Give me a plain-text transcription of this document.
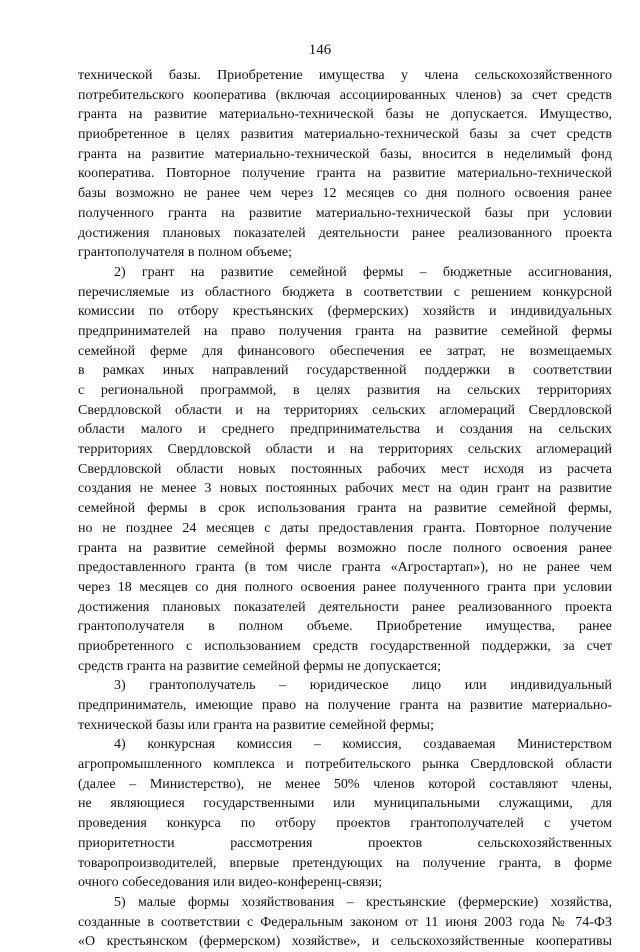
146
технической базы. Приобретение имущества у члена сельскохозяйственного
потребительского кооператива (включая ассоциированных членов) за счет средств
гранта на развитие материально-технической базы не допускается. Имущество,
приобретенное в целях развития материально-технической базы за счет средств
гранта на развитие материально-технической базы, вносится в неделимый фонд
кооператива. Повторное получение гранта на развитие материально-технической
базы возможно не ранее чем через 12 месяцев со дня полного освоения ранее
полученного гранта на развитие материально-технической базы при условии
достижения плановых показателей деятельности ранее реализованного проекта
грантополучателя в полном объеме;
2) грант на развитие семейной фермы – бюджетные ассигнования,
перечисляемые из областного бюджета в соответствии с решением конкурсной
комиссии по отбору крестьянских (фермерских) хозяйств и индивидуальных
предпринимателей на право получения гранта на развитие семейной фермы
семейной ферме для финансового обеспечения ее затрат, не возмещаемых
в рамках иных направлений государственной поддержки в соответствии
с региональной программой, в целях развития на сельских территориях
Свердловской области и на территориях сельских агломераций Свердловской
области малого и среднего предпринимательства и создания на сельских
территориях Свердловской области и на территориях сельских агломераций
Свердловской области новых постоянных рабочих мест исходя из расчета
создания не менее 3 новых постоянных рабочих мест на один грант на развитие
семейной фермы в срок использования гранта на развитие семейной фермы,
но не позднее 24 месяцев с даты предоставления гранта. Повторное получение
гранта на развитие семейной фермы возможно после полного освоения ранее
предоставленного гранта (в том числе гранта «Агростартап»), но не ранее чем
через 18 месяцев со дня полного освоения ранее полученного гранта при условии
достижения плановых показателей деятельности ранее реализованного проекта
грантополучателя в полном объеме. Приобретение имущества, ранее
приобретенного с использованием средств государственной поддержки, за счет
средств гранта на развитие семейной фермы не допускается;
3) грантополучатель – юридическое лицо или индивидуальный
предприниматель, имеющие право на получение гранта на развитие материально-
технической базы или гранта на развитие семейной фермы;
4) конкурсная комиссия – комиссия, создаваемая Министерством
агропромышленного комплекса и потребительского рынка Свердловской области
(далее – Министерство), не менее 50% членов которой составляют члены,
не являющиеся государственными или муниципальными служащими, для
проведения конкурса по отбору проектов грантополучателей с учетом
приоритетности рассмотрения проектов сельскохозяйственных
товаропроизводителей, впервые претендующих на получение гранта, в форме
очного собеседования или видео-конференц-связи;
5) малые формы хозяйствования – крестьянские (фермерские) хозяйства,
созданные в соответствии с Федеральным законом от 11 июня 2003 года № 74-ФЗ
«О крестьянском (фермерском) хозяйстве», и сельскохозяйственные кооперативы
